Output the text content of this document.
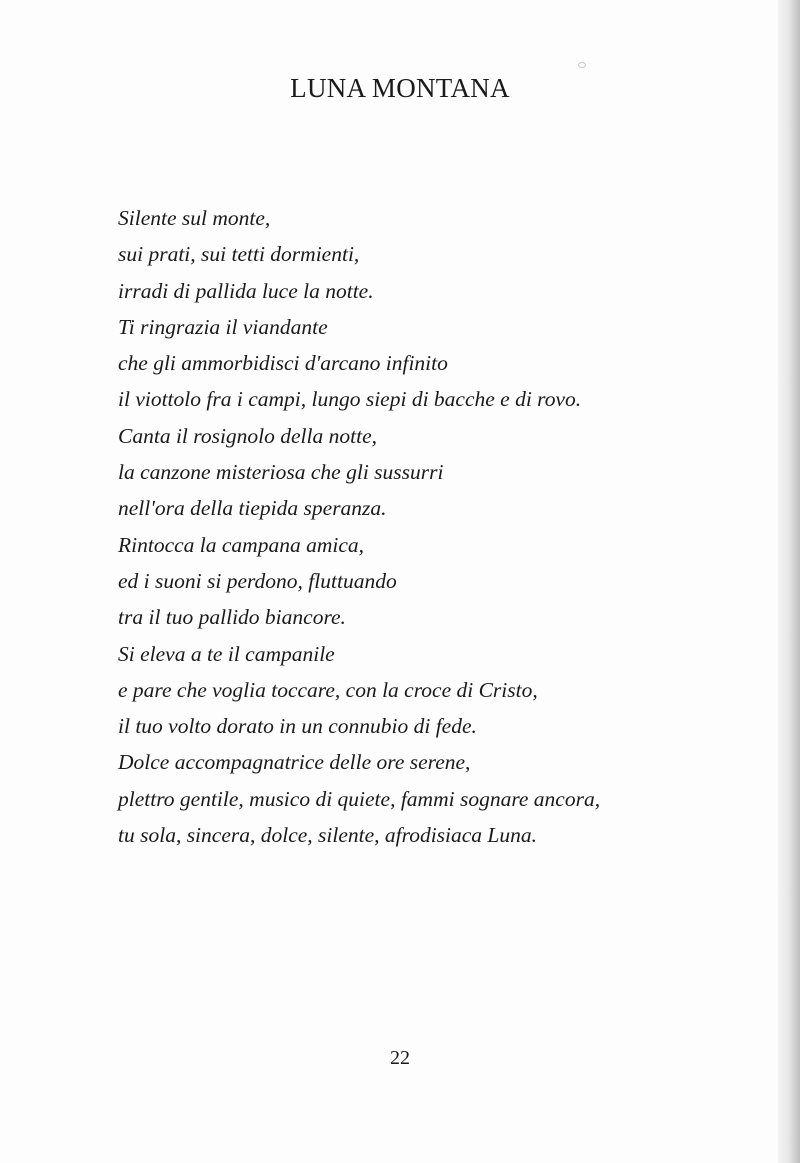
LUNA MONTANA
Silente sul monte,
sui prati, sui tetti dormienti,
irradi di pallida luce la notte.
Ti ringrazia il viandante
che gli ammorbidisci d'arcano infinito
il viottolo fra i campi, lungo siepi di bacche e di rovo.
Canta il rosignolo della notte,
la canzone misteriosa che gli sussurri
nell'ora della tiepida speranza.
Rintocca la campana amica,
ed i suoni si perdono, fluttuando
tra il tuo pallido biancore.
Si eleva a te il campanile
e pare che voglia toccare, con la croce di Cristo,
il tuo volto dorato in un connubio di fede.
Dolce accompagnatrice delle ore serene,
plettro gentile, musico di quiete, fammi sognare ancora,
tu sola, sincera, dolce, silente, afrodisiaca Luna.
22
